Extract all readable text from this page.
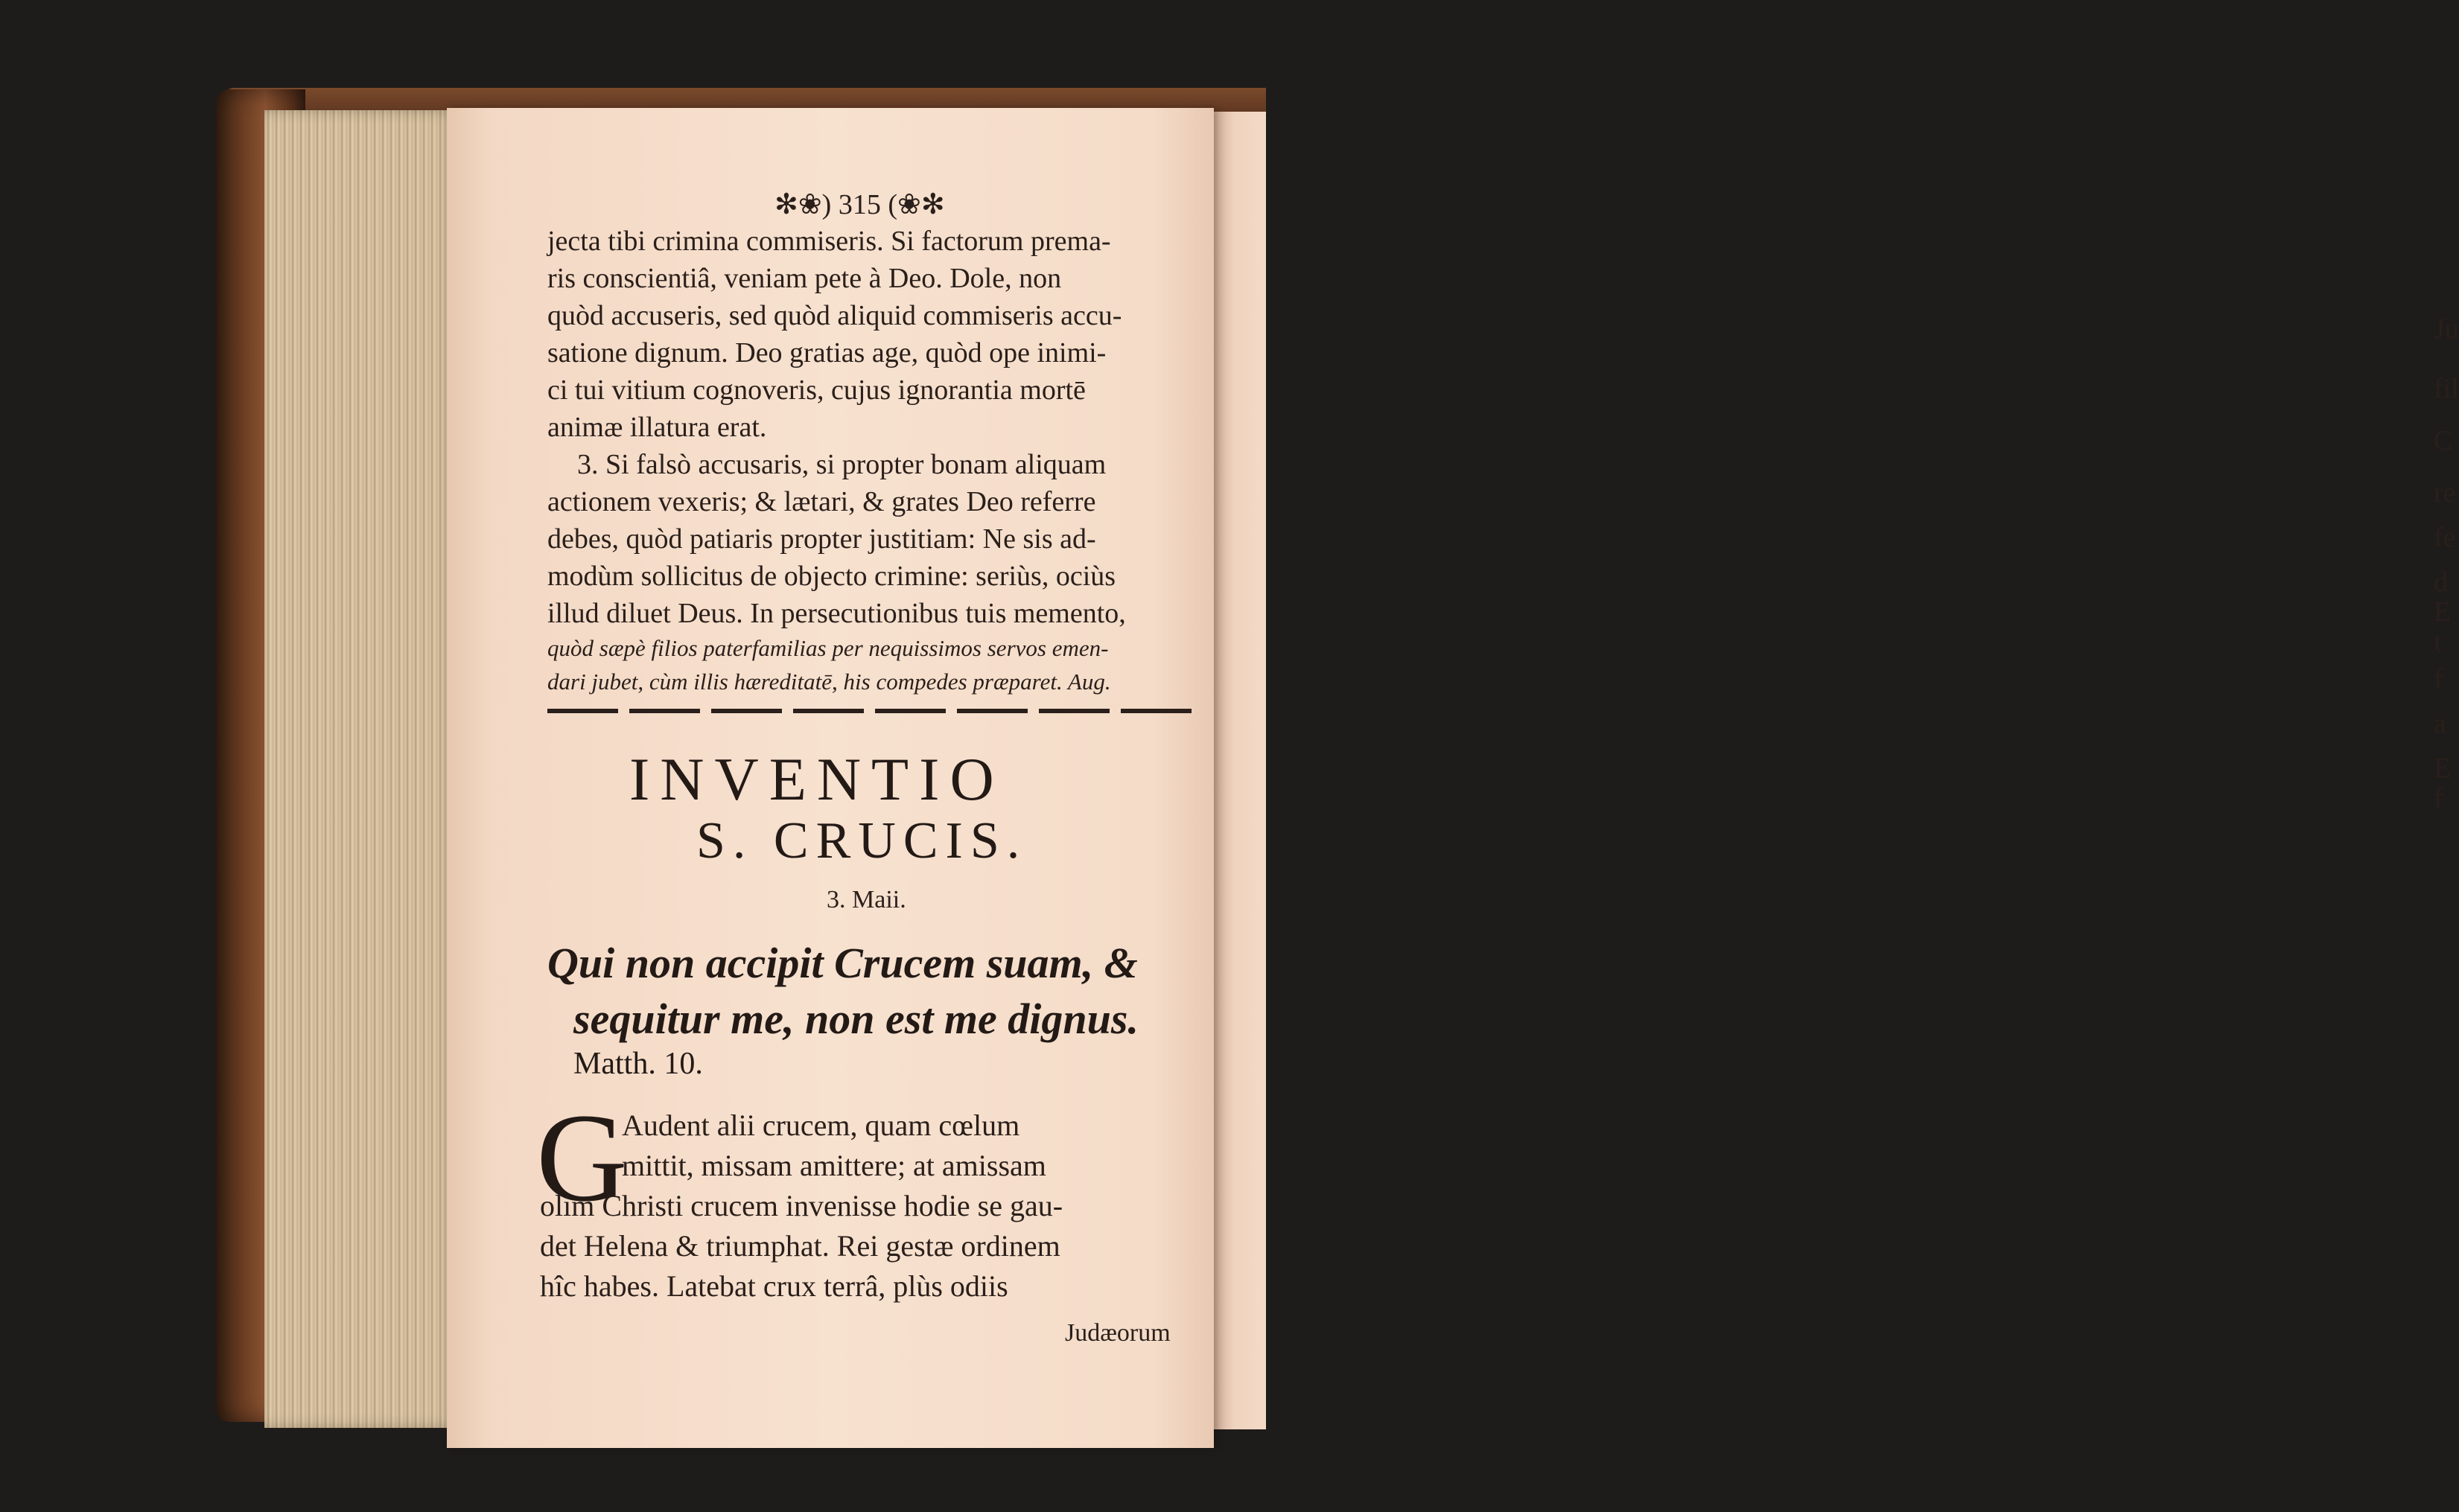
Ju
fil
C
re
fe
d
E
t
f
a
E
f
✻❀) 315 (❀✻
jecta tibi crimina commiseris. Si factorum prema-
ris conscientiâ, veniam pete à Deo. Dole, non
quòd accuseris, sed quòd aliquid commiseris accu-
satione dignum. Deo gratias age, quòd ope inimi-
ci tui vitium cognoveris, cujus ignorantia mortē
animæ illatura erat.
3. Si falsò accusaris, si propter bonam aliquam
actionem vexeris; & lætari, & grates Deo referre
debes, quòd patiaris propter justitiam: Ne sis ad-
modùm sollicitus de objecto crimine: seriùs, ociùs
illud diluet Deus. In persecutionibus tuis memento,
quòd sæpè filios paterfamilias per nequissimos servos emen-
dari jubet, cùm illis hæreditatē, his compedes præparet. Aug.
INVENTIO
S. CRUCIS.
3. Maii.
Qui non accipit Crucem suam, &
sequitur me, non est me dignus.
Matth. 10.
G
Audent alii crucem, quam cœlum
mittit, missam amittere; at amissam
olim Christi crucem invenisse hodie se gau-
det Helena & triumphat. Rei gestæ ordinem
hîc habes. Latebat crux terrâ, plùs odiis
Judæorum
